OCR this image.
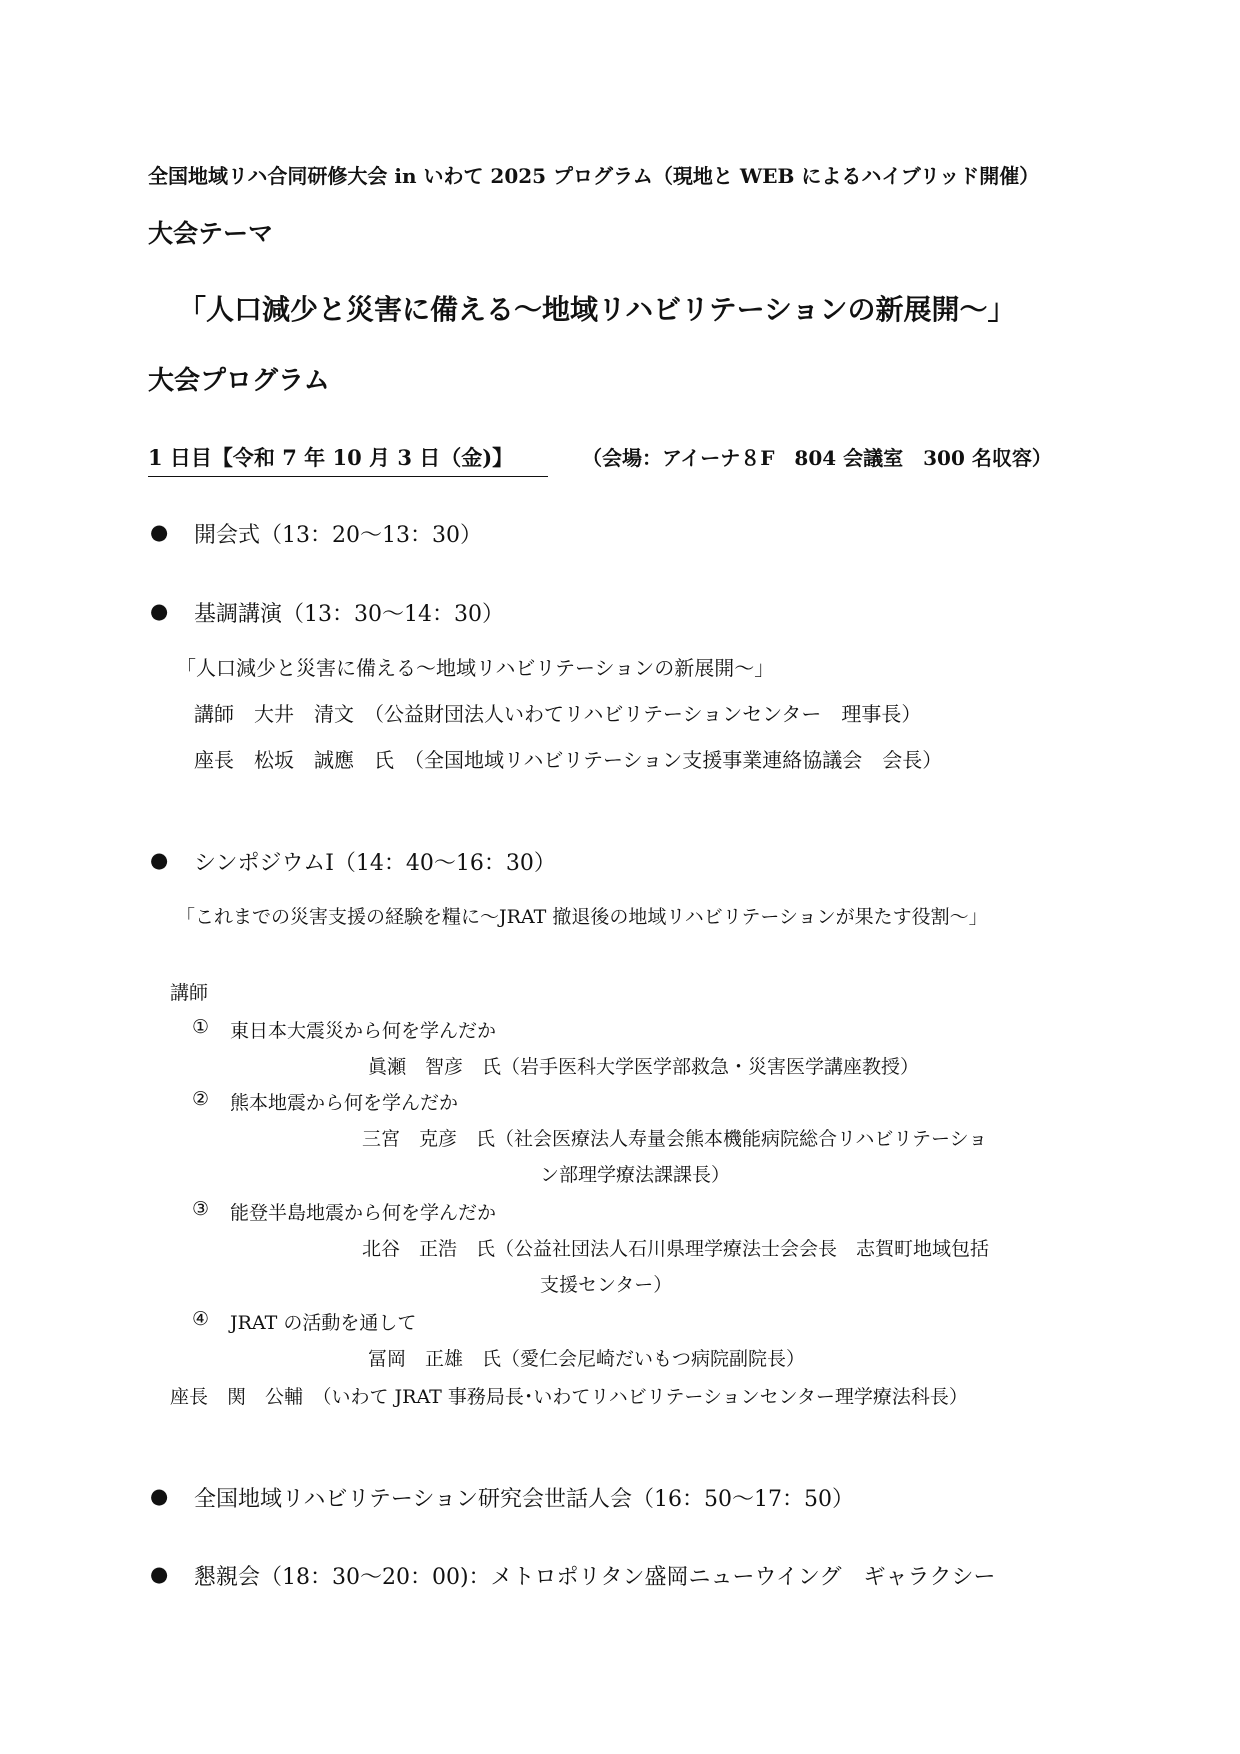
全国地域リハ合同研修大会 in いわて 2025 プログラム（現地と WEB によるハイブリッド開催）
大会テーマ
「人口減少と災害に備える～地域リハビリテーションの新展開～」
大会プログラム
1 日目【令和 7 年 10 月 3 日（金)】	（会場：アイーナ８F　804 会議室　300 名収容）
● 開会式（13：20～13：30）
● 基調講演（13：30～14：30）
「人口減少と災害に備える～地域リハビリテーションの新展開～」
講師　大井　清文　（公益財団法人いわてリハビリテーションセンター　理事長）
座長　松坂　誠應　氏　（全国地域リハビリテーション支援事業連絡協議会　会長）
● シンポジウムⅠ（14：40～16：30）
「これまでの災害支援の経験を糧に～JRAT 撤退後の地域リハビリテーションが果たす役割～」
講師
① 東日本大震災から何を学んだか
眞瀬　智彦　氏（岩手医科大学医学部救急・災害医学講座教授）
② 熊本地震から何を学んだか
三宮　克彦　氏（社会医療法人寿量会熊本機能病院総合リハビリテーショ
ン部理学療法課課長）
③ 能登半島地震から何を学んだか
北谷　正浩　氏（公益社団法人石川県理学療法士会会長　志賀町地域包括
支援センター）
④ JRAT の活動を通して
冨岡　正雄　氏（愛仁会尼崎だいもつ病院副院長）
座長　関　公輔　（いわて JRAT 事務局長･いわてリハビリテーションセンター理学療法科長）
● 全国地域リハビリテーション研究会世話人会（16：50～17：50）
● 懇親会（18：30～20：00)：メトロポリタン盛岡ニューウイング　ギャラクシー
